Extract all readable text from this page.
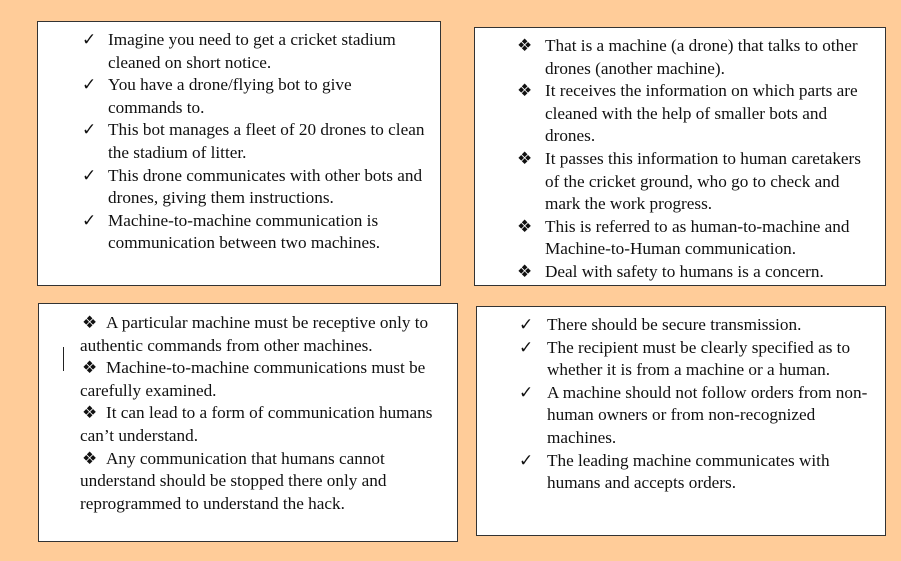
✓ Imagine you need to get a cricket stadium cleaned on short notice.
✓ You have a drone/flying bot to give commands to.
✓ This bot manages a fleet of 20 drones to clean the stadium of litter.
✓ This drone communicates with other bots and drones, giving them instructions.
✓ Machine-to-machine communication is communication between two machines.
❖ That is a machine (a drone) that talks to other drones (another machine).
❖ It receives the information on which parts are cleaned with the help of smaller bots and drones.
❖ It passes this information to human caretakers of the cricket ground, who go to check and mark the work progress.
❖ This is referred to as human-to-machine and Machine-to-Human communication.
❖ Deal with safety to humans is a concern.
❖ A particular machine must be receptive only to authentic commands from other machines.
❖ Machine-to-machine communications must be carefully examined.
❖ It can lead to a form of communication humans can’t understand.
❖ Any communication that humans cannot understand should be stopped there only and reprogrammed to understand the hack.
✓ There should be secure transmission.
✓ The recipient must be clearly specified as to whether it is from a machine or a human.
✓ A machine should not follow orders from non-human owners or from non-recognized machines.
✓ The leading machine communicates with humans and accepts orders.
